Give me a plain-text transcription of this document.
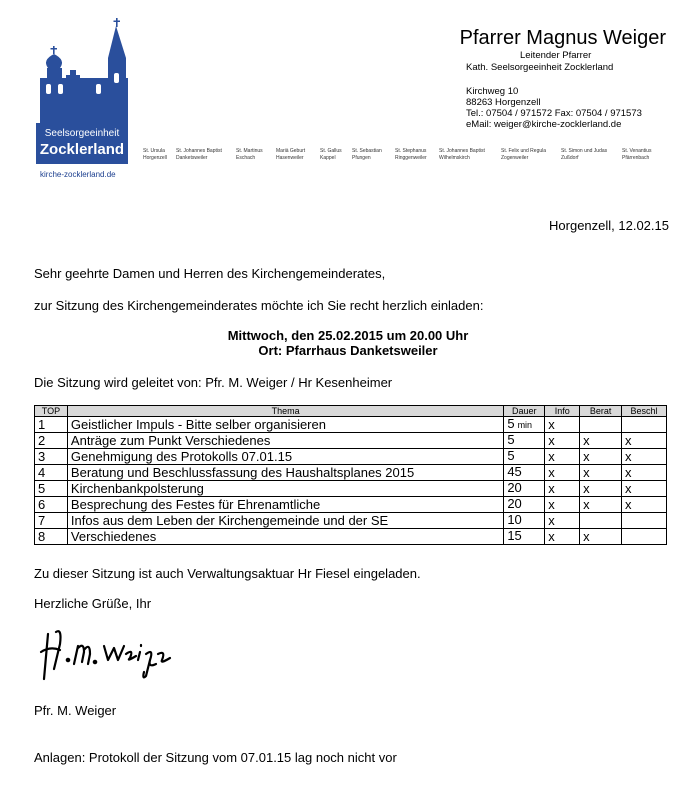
Seelsorgeeinheit
Zocklerland
kirche-zocklerland.de
St. Ursula
Horgenzell
St. Johannes Baptist
Danketsweiler
St. Martinus
Eschach
Mariä Geburt
Hasenweiler
St. Gallus
Kappel
St. Sebastian
Pfungen
St. Stephanus
Ringgenweiler
St. Johannes Baptist
Wilhelmskirch
St. Felix und Regula
Zogenweiler
St. Simon und Judas
Zußdorf
St. Venantius
Pfärrenbach
Pfarrer Magnus Weiger
Leitender Pfarrer
Kath. Seelsorgeeinheit Zocklerland
Kirchweg 10
88263 Horgenzell
Tel.: 07504 / 971572 Fax: 07504 / 971573
eMail: weiger@kirche-zocklerland.de
Horgenzell, 12.02.15
Sehr geehrte Damen und Herren des Kirchengemeinderates,
zur Sitzung des Kirchengemeinderates möchte ich Sie recht herzlich einladen:
Mittwoch, den 25.02.2015 um 20.00 Uhr
Ort: Pfarrhaus Danketsweiler
Die Sitzung wird geleitet von: Pfr. M. Weiger / Hr Kesenheimer
TOP	Thema	Dauer	Info	Berat	Beschl
1	Geistlicher Impuls - Bitte selber organisieren	5 min	x		
2	Anträge zum Punkt Verschiedenes	5	x	x	x
3	Genehmigung des Protokolls 07.01.15	5	x	x	x
4	Beratung und Beschlussfassung des Haushaltsplanes 2015	45	x	x	x
5	Kirchenbankpolsterung	20	x	x	x
6	Besprechung des Festes für Ehrenamtliche	20	x	x	x
7	Infos aus dem Leben der Kirchengemeinde und der SE	10	x		
8	Verschiedenes	15	x	x	
Zu dieser Sitzung ist auch Verwaltungsaktuar Hr Fiesel eingeladen.
Herzliche Grüße, Ihr
Pfr. M. Weiger
Anlagen: Protokoll der Sitzung vom 07.01.15 lag noch nicht vor
